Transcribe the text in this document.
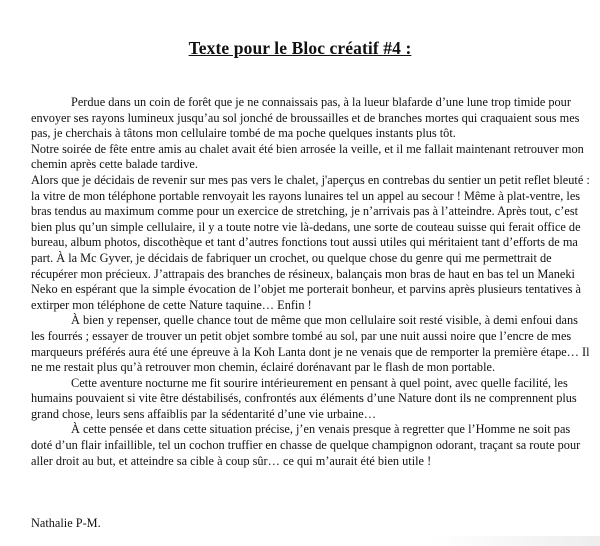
Texte pour le Bloc créatif #4 :

Perdue dans un coin de forêt que je ne connaissais pas, à la lueur blafarde d’une lune trop timide pour envoyer ses rayons lumineux jusqu’au sol jonché de broussailles et de branches mortes qui craquaient sous mes pas, je cherchais à tâtons mon cellulaire tombé de ma poche quelques instants plus tôt.

Notre soirée de fête entre amis au chalet avait été bien arrosée la veille, et il me fallait maintenant retrouver mon chemin après cette balade tardive.

Alors que je décidais de revenir sur mes pas vers le chalet, j'aperçus en contrebas du sentier un petit reflet bleuté : la vitre de mon téléphone portable renvoyait les rayons lunaires tel un appel au secour ! Même à plat-ventre, les bras tendus au maximum comme pour un exercice de stretching, je n’arrivais pas à l’atteindre. Après tout, c’est bien plus qu’un simple cellulaire, il y a toute notre vie là-dedans, une sorte de couteau suisse qui ferait office de bureau, album photos, discothèque et tant d’autres fonctions tout aussi utiles qui méritaient tant d’efforts de ma part. À la Mc Gyver, je décidais de fabriquer un crochet, ou quelque chose du genre qui me permettrait de récupérer mon précieux. J’attrapais des branches de résineux, balançais mon bras de haut en bas tel un Maneki Neko en espérant que la simple évocation de l’objet me porterait bonheur, et parvins après plusieurs tentatives à extirper mon téléphone de cette Nature taquine… Enfin !

À bien y repenser, quelle chance tout de même que mon cellulaire soit resté visible, à demi enfoui dans les fourrés ; essayer de trouver un petit objet sombre tombé au sol, par une nuit aussi noire que l’encre de mes marqueurs préférés aura été une épreuve à la Koh Lanta dont je ne venais que de remporter la première étape… Il ne me restait plus qu’à retrouver mon chemin, éclairé dorénavant par le flash de mon portable.

Cette aventure nocturne me fit sourire intérieurement en pensant à quel point, avec quelle facilité, les humains pouvaient si vite être déstabilisés, confrontés aux éléments d’une Nature dont ils ne comprennent plus grand chose, leurs sens affaiblis par la sédentarité d’une vie urbaine…

À cette pensée et dans cette situation précise, j’en venais presque à regretter que l’Homme ne soit pas doté d’un flair infaillible, tel un cochon truffier en chasse de quelque champignon odorant, traçant sa route pour aller droit au but, et atteindre sa cible à coup sûr… ce qui m’aurait été bien utile !

Nathalie P-M.
